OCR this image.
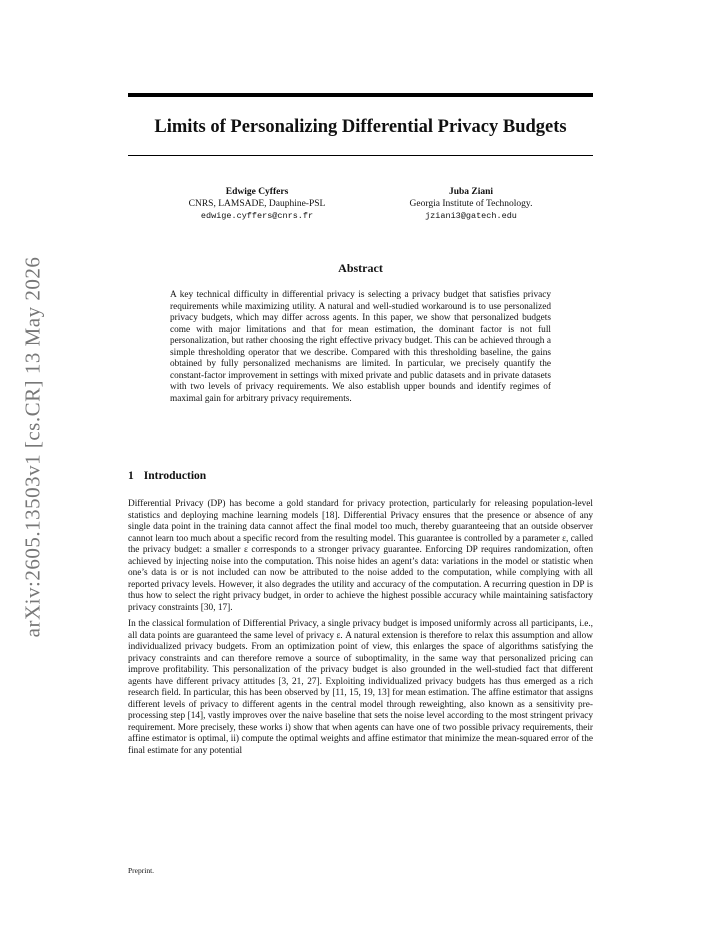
arXiv:2605.13503v1 [cs.CR] 13 May 2026
Limits of Personalizing Differential Privacy Budgets
Edwige Cyffers
CNRS, LAMSADE, Dauphine-PSL
edwige.cyffers@cnrs.fr
Juba Ziani
Georgia Institute of Technology.
jziani3@gatech.edu
Abstract

A key technical difficulty in differential privacy is selecting a privacy budget that satisfies privacy requirements while maximizing utility. A natural and well-studied workaround is to use personalized privacy budgets, which may differ across agents. In this paper, we show that personalized budgets come with major limitations and that for mean estimation, the dominant factor is not full personalization, but rather choosing the right effective privacy budget. This can be achieved through a simple thresholding operator that we describe. Compared with this thresholding baseline, the gains obtained by fully personalized mechanisms are limited. In particular, we precisely quantify the constant-factor improvement in settings with mixed private and public datasets and in private datasets with two levels of privacy requirements. We also establish upper bounds and identify regimes of maximal gain for arbitrary privacy requirements.

1 Introduction

Differential Privacy (DP) has become a gold standard for privacy protection, particularly for releasing population-level statistics and deploying machine learning models [18]. Differential Privacy ensures that the presence or absence of any single data point in the training data cannot affect the final model too much, thereby guaranteeing that an outside observer cannot learn too much about a specific record from the resulting model. This guarantee is controlled by a parameter ε, called the privacy budget: a smaller ε corresponds to a stronger privacy guarantee. Enforcing DP requires randomization, often achieved by injecting noise into the computation. This noise hides an agent’s data: variations in the model or statistic when one’s data is or is not included can now be attributed to the noise added to the computation, while complying with all reported privacy levels. However, it also degrades the utility and accuracy of the computation. A recurring question in DP is thus how to select the right privacy budget, in order to achieve the highest possible accuracy while maintaining satisfactory privacy constraints [30, 17].

In the classical formulation of Differential Privacy, a single privacy budget is imposed uniformly across all participants, i.e., all data points are guaranteed the same level of privacy ε. A natural extension is therefore to relax this assumption and allow individualized privacy budgets. From an optimization point of view, this enlarges the space of algorithms satisfying the privacy constraints and can therefore remove a source of suboptimality, in the same way that personalized pricing can improve profitability. This personalization of the privacy budget is also grounded in the well-studied fact that different agents have different privacy attitudes [3, 21, 27]. Exploiting individualized privacy budgets has thus emerged as a rich research field. In particular, this has been observed by [11, 15, 19, 13] for mean estimation. The affine estimator that assigns different levels of privacy to different agents in the central model through reweighting, also known as a sensitivity pre-processing step [14], vastly improves over the naive baseline that sets the noise level according to the most stringent privacy requirement. More precisely, these works i) show that when agents can have one of two possible privacy requirements, their affine estimator is optimal, ii) compute the optimal weights and affine estimator that minimize the mean-squared error of the final estimate for any potential

Preprint.
